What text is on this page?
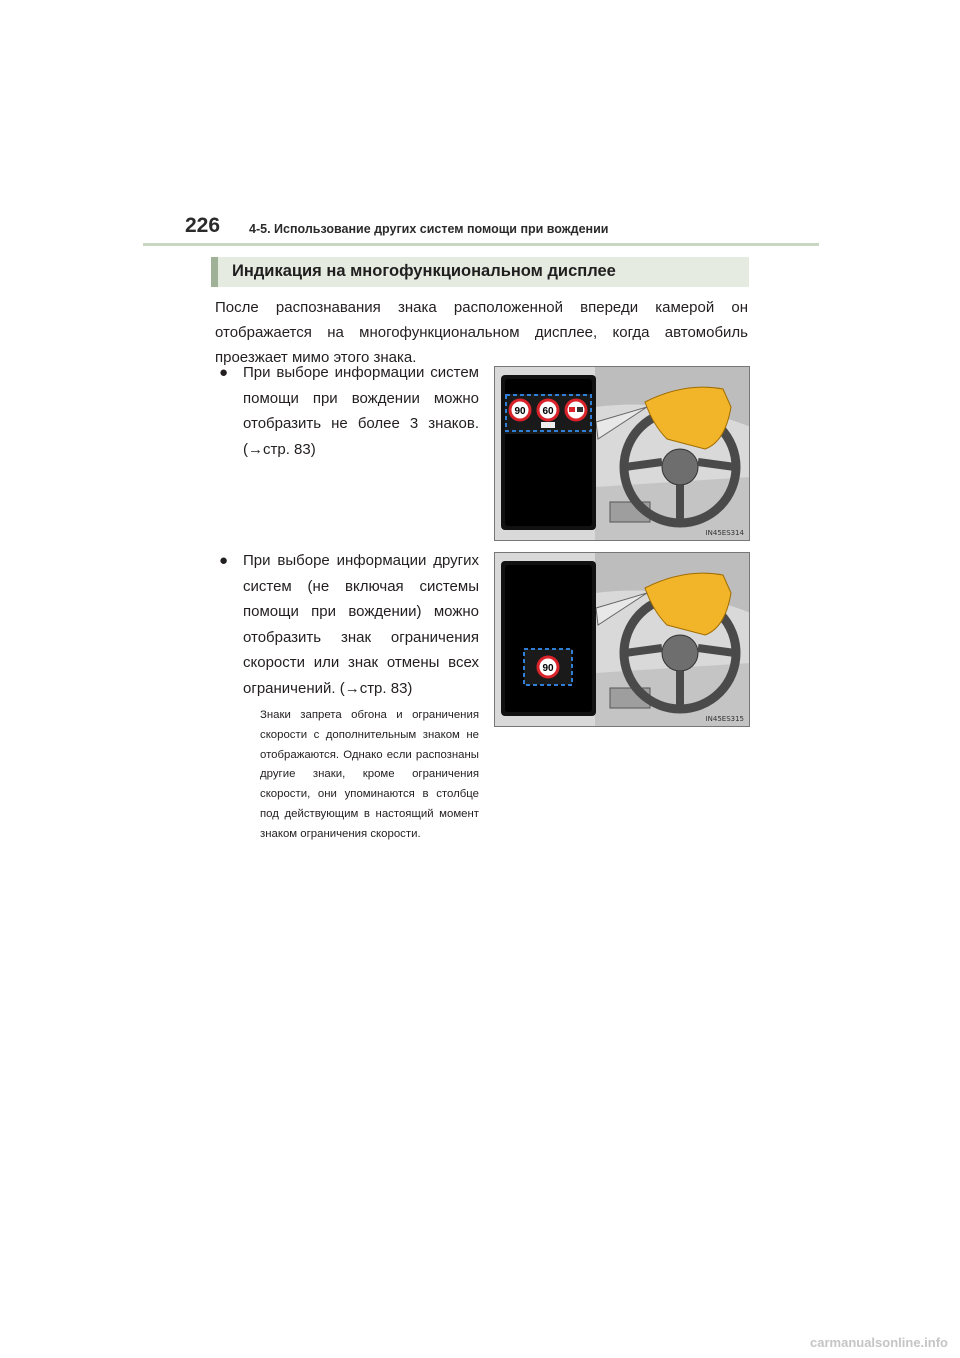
226 4-5. Использование других систем помощи при вождении
Индикация на многофункциональном дисплее
После распознавания знака расположенной впереди камерой он отображается на многофункциональном дисплее, когда автомобиль проезжает мимо этого знака.
● При выборе информации систем помощи при вождении можно отобразить не более 3 знаков. (→стр. 83)
● При выборе информации других систем (не включая системы помощи при вождении) можно отобразить знак ограничения скорости или знак отмены всех ограничений. (→стр. 83)
Знаки запрета обгона и ограничения скорости с дополнительным знаком не отображаются. Однако если распознаны другие знаки, кроме ограничения скорости, они упоминаются в столбце под действующим в настоящий момент знаком ограничения скорости.
90 60
IN45ES314
90
IN45ES315
carmanualsonline.info
